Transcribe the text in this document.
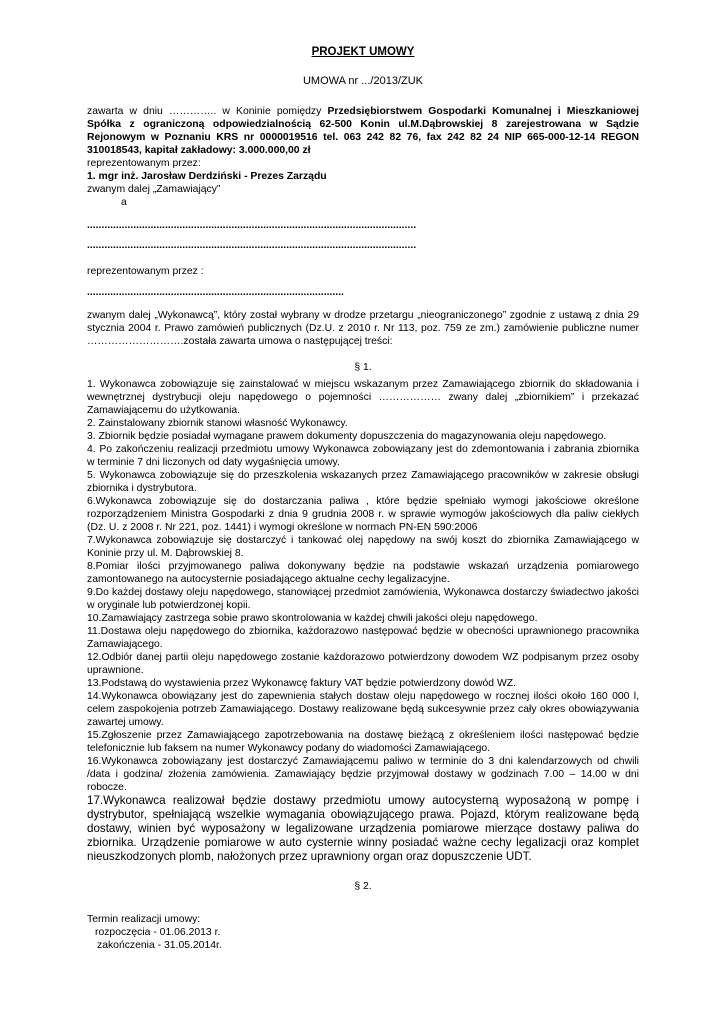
PROJEKT UMOWY

UMOWA nr .../2013/ZUK

zawarta w dniu ………….. w Koninie pomiędzy Przedsiębiorstwem Gospodarki Komunalnej i Mieszkaniowej Spółka z ograniczoną odpowiedzialnością 62-500 Konin ul.M.Dąbrowskiej 8 zarejestrowana w Sądzie Rejonowym w Poznaniu KRS nr 0000019516 tel. 063 242 82 76, fax 242 82 24 NIP 665-000-12-14 REGON 310018543, kapitał zakładowy: 3.000.000,00 zł

reprezentowanym przez:

1. mgr inż. Jarosław Derdziński - Prezes Zarządu

zwanym dalej „Zamawiający”

a

..................................................................................................................

..................................................................................................................

reprezentowanym przez :

.........................................................................................

zwanym dalej „Wykonawcą”, który został wybrany w drodze przetargu „nieograniczonego” zgodnie z ustawą z dnia 29 stycznia 2004 r. Prawo zamówień publicznych (Dz.U. z 2010 r. Nr 113, poz. 759 ze zm.) zamówienie publiczne numer ……………………….została zawarta umowa o następującej treści:

§ 1.

1. Wykonawca zobowiązuje się zainstalować w miejscu wskazanym przez Zamawiającego zbiornik do składowania i wewnętrznej dystrybucji oleju napędowego o pojemności ……………… zwany dalej „zbiornikiem” i przekazać Zamawiającemu do użytkowania.

2. Zainstalowany zbiornik stanowi własność Wykonawcy.

3. Zbiornik będzie posiadał wymagane prawem dokumenty dopuszczenia do magazynowania oleju napędowego.

4. Po zakończeniu realizacji przedmiotu umowy Wykonawca zobowiązany jest do zdemontowania i zabrania zbiornika w terminie 7 dni liczonych od daty wygaśnięcia umowy.

5. Wykonawca zobowiązuje się do przeszkolenia wskazanych przez Zamawiającego pracowników w zakresie obsługi zbiornika i dystrybutora.

6.Wykonawca zobowiązuje się do dostarczania paliwa , które będzie spełniało wymogi jakościowe określone rozporządzeniem Ministra Gospodarki z dnia 9 grudnia 2008 r. w sprawie wymogów jakościowych dla paliw ciekłych (Dz. U. z 2008 r. Nr 221, poz. 1441) i wymogi określone w normach PN-EN 590:2006

7.Wykonawca zobowiązuje się dostarczyć i tankować olej napędowy na swój koszt do zbiornika Zamawiającego w Koninie przy ul. M. Dąbrowskiej 8.

8.Pomiar ilości przyjmowanego paliwa dokonywany będzie na podstawie wskazań urządzenia pomiarowego zamontowanego na autocysternie posiadającego aktualne cechy legalizacyjne.

9.Do każdej dostawy oleju napędowego, stanowiącej przedmiot zamówienia, Wykonawca dostarczy świadectwo jakości w oryginale lub potwierdzonej kopii.

10.Zamawiający zastrzega sobie prawo skontrolowania w każdej chwili jakości oleju napędowego.

11.Dostawa oleju napędowego do zbiornika, każdorazowo następować będzie w obecności uprawnionego pracownika Zamawiającego.

12.Odbiór danej partii oleju napędowego zostanie każdorazowo potwierdzony dowodem WZ podpisanym przez osoby uprawnione.

13.Podstawą do wystawienia przez Wykonawcę faktury VAT będzie potwierdzony dowód WZ.

14.Wykonawca obowiązany jest do zapewnienia stałych dostaw oleju napędowego w rocznej ilości około 160 000 l, celem zaspokojenia potrzeb Zamawiającego. Dostawy realizowane będą sukcesywnie przez cały okres obowiązywania zawartej umowy.

15.Zgłoszenie przez Zamawiającego zapotrzebowania na dostawę bieżącą z określeniem ilości następować będzie telefonicznie lub faksem na numer Wykonawcy podany do wiadomości Zamawiającego.

16.Wykonawca zobowiązany jest dostarczyć Zamawiającemu paliwo w terminie do 3 dni kalendarzowych od chwili /data i godzina/ złożenia zamówienia. Zamawiający będzie przyjmował dostawy w godzinach 7.00 – 14.00 w dni robocze.

17.Wykonawca realizował będzie dostawy przedmiotu umowy autocysterną wyposażoną w pompę i dystrybutor, spełniającą wszelkie wymagania obowiązującego prawa. Pojazd, którym realizowane będą dostawy, winien być wyposażony w legalizowane urządzenia pomiarowe mierzące dostawy paliwa do zbiornika. Urządzenie pomiarowe w auto cysternie winny posiadać ważne cechy legalizacji oraz komplet nieuszkodzonych plomb, nałożonych przez uprawniony organ oraz dopuszczenie UDT.

§ 2.

Termin realizacji umowy:

rozpoczęcia - 01.06.2013 r.

zakończenia - 31.05.2014r.
